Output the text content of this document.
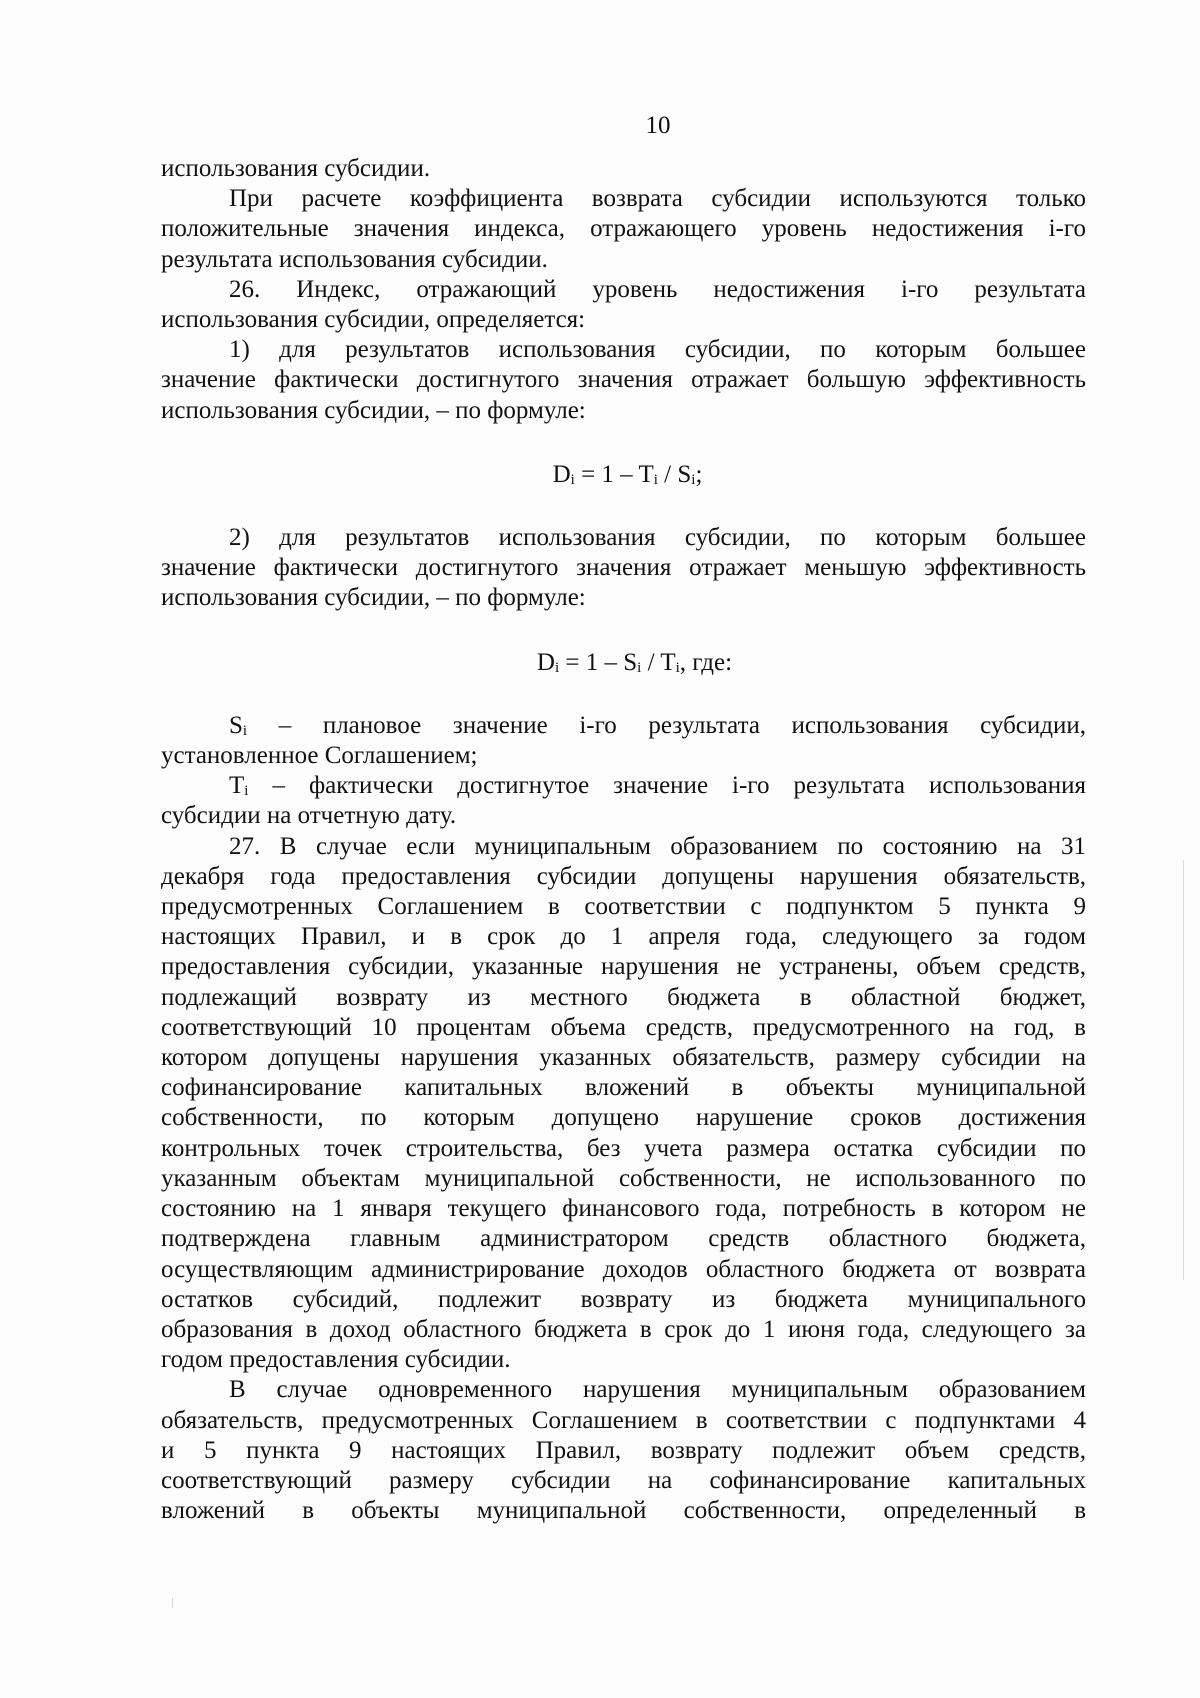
10

использования субсидии.

При расчете коэффициента возврата субсидии используются только
положительные значения индекса, отражающего уровень недостижения i-го
результата использования субсидии.

26. Индекс, отражающий уровень недостижения i-го результата
использования субсидии, определяется:

1) для результатов использования субсидии, по которым большее
значение фактически достигнутого значения отражает большую эффективность
использования субсидии, – по формуле:

$D_i = 1 - T_i / S_i$;

2) для результатов использования субсидии, по которым большее
значение фактически достигнутого значения отражает меньшую эффективность
использования субсидии, – по формуле:

$D_i = 1 - S_i / T_i$, где:

$S_i$ – плановое значение i-го результата использования субсидии,
установленное Соглашением;

$T_i$ – фактически достигнутое значение i-го результата использования
субсидии на отчетную дату.

27. В случае если муниципальным образованием по состоянию на 31
декабря года предоставления субсидии допущены нарушения обязательств,
предусмотренных Соглашением в соответствии с подпунктом 5 пункта 9
настоящих Правил, и в срок до 1 апреля года, следующего за годом
предоставления субсидии, указанные нарушения не устранены, объем средств,
подлежащий возврату из местного бюджета в областной бюджет,
соответствующий 10 процентам объема средств, предусмотренного на год, в
котором допущены нарушения указанных обязательств, размеру субсидии на
софинансирование капитальных вложений в объекты муниципальной
собственности, по которым допущено нарушение сроков достижения
контрольных точек строительства, без учета размера остатка субсидии по
указанным объектам муниципальной собственности, не использованного по
состоянию на 1 января текущего финансового года, потребность в котором не
подтверждена главным администратором средств областного бюджета,
осуществляющим администрирование доходов областного бюджета от возврата
остатков субсидий, подлежит возврату из бюджета муниципального
образования в доход областного бюджета в срок до 1 июня года, следующего за
годом предоставления субсидии.

В случае одновременного нарушения муниципальным образованием
обязательств, предусмотренных Соглашением в соответствии с подпунктами 4
и 5 пункта 9 настоящих Правил, возврату подлежит объем средств,
соответствующий размеру субсидии на софинансирование капитальных
вложений в объекты муниципальной собственности, определенный в
